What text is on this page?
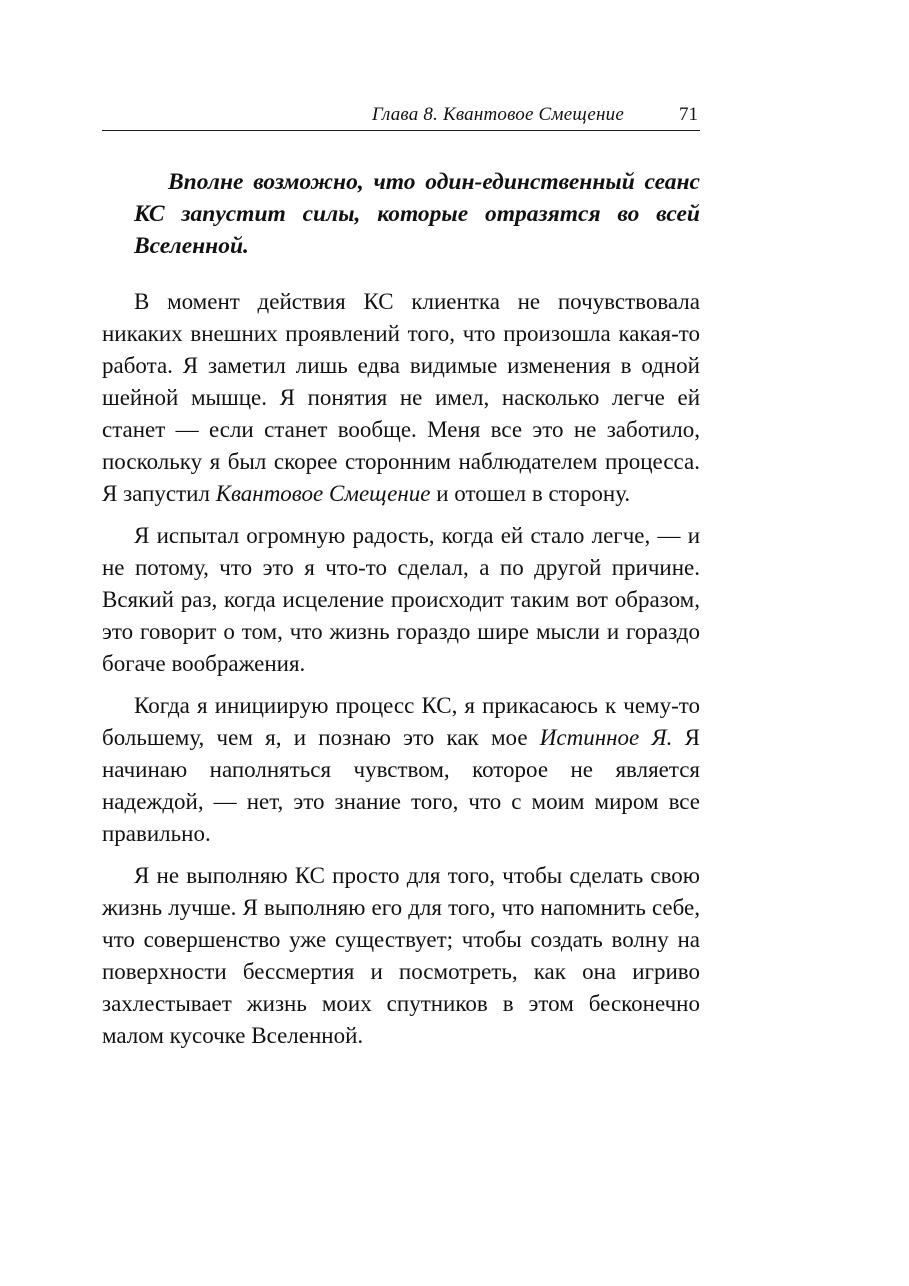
Глава 8. Квантовое Смещение	71

Вполне возможно, что один-единственный сеанс КС запустит силы, которые отразятся во всей Вселенной.

В момент действия КС клиентка не почувствовала никаких внешних проявлений того, что произошла какая-то работа. Я заметил лишь едва видимые изменения в одной шейной мышце. Я понятия не имел, насколько легче ей станет — если станет вообще. Меня все это не заботило, поскольку я был скорее сторонним наблюдателем процесса. Я запустил Квантовое Смещение и отошел в сторону.

Я испытал огромную радость, когда ей стало легче, — и не потому, что это я что-то сделал, а по другой причине. Всякий раз, когда исцеление происходит таким вот образом, это говорит о том, что жизнь гораздо шире мысли и гораздо богаче воображения.

Когда я инициирую процесс КС, я прикасаюсь к чему-то большему, чем я, и познаю это как мое Истинное Я. Я начинаю наполняться чувством, которое не является надеждой, — нет, это знание того, что с моим миром все правильно.

Я не выполняю КС просто для того, чтобы сделать свою жизнь лучше. Я выполняю его для того, что напомнить себе, что совершенство уже существует; чтобы создать волну на поверхности бессмертия и посмотреть, как она игриво захлестывает жизнь моих спутников в этом бесконечно малом кусочке Вселенной.
